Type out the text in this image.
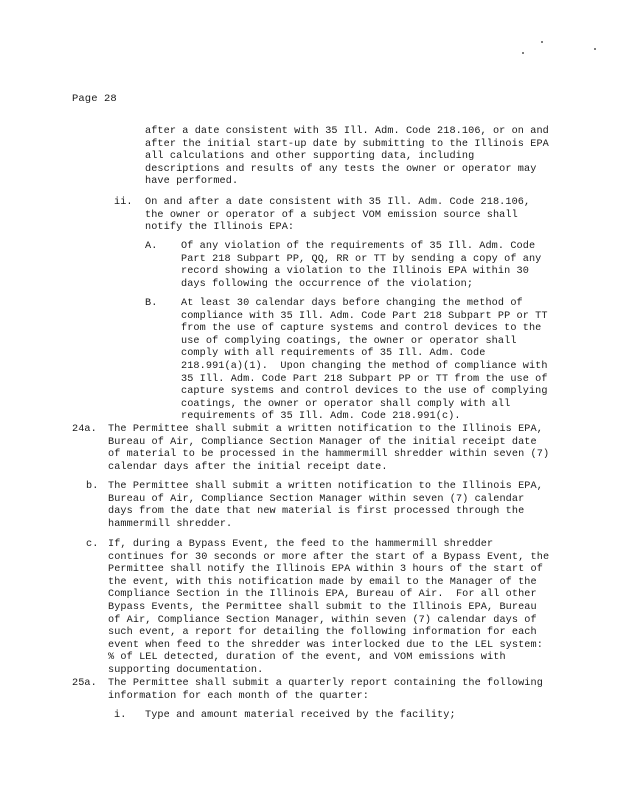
Page 28
after a date consistent with 35 Ill. Adm. Code 218.106, or on and
after the initial start-up date by submitting to the Illinois EPA
all calculations and other supporting data, including
descriptions and results of any tests the owner or operator may
have performed.
ii. On and after a date consistent with 35 Ill. Adm. Code 218.106,
the owner or operator of a subject VOM emission source shall
notify the Illinois EPA:
A. Of any violation of the requirements of 35 Ill. Adm. Code
Part 218 Subpart PP, QQ, RR or TT by sending a copy of any
record showing a violation to the Illinois EPA within 30
days following the occurrence of the violation;
B. At least 30 calendar days before changing the method of
compliance with 35 Ill. Adm. Code Part 218 Subpart PP or TT
from the use of capture systems and control devices to the
use of complying coatings, the owner or operator shall
comply with all requirements of 35 Ill. Adm. Code
218.991(a)(1).  Upon changing the method of compliance with
35 Ill. Adm. Code Part 218 Subpart PP or TT from the use of
capture systems and control devices to the use of complying
coatings, the owner or operator shall comply with all
requirements of 35 Ill. Adm. Code 218.991(c).
24a. The Permittee shall submit a written notification to the Illinois EPA,
Bureau of Air, Compliance Section Manager of the initial receipt date
of material to be processed in the hammermill shredder within seven (7)
calendar days after the initial receipt date.
b. The Permittee shall submit a written notification to the Illinois EPA,
Bureau of Air, Compliance Section Manager within seven (7) calendar
days from the date that new material is first processed through the
hammermill shredder.
c. If, during a Bypass Event, the feed to the hammermill shredder
continues for 30 seconds or more after the start of a Bypass Event, the
Permittee shall notify the Illinois EPA within 3 hours of the start of
the event, with this notification made by email to the Manager of the
Compliance Section in the Illinois EPA, Bureau of Air.  For all other
Bypass Events, the Permittee shall submit to the Illinois EPA, Bureau
of Air, Compliance Section Manager, within seven (7) calendar days of
such event, a report for detailing the following information for each
event when feed to the shredder was interlocked due to the LEL system:
% of LEL detected, duration of the event, and VOM emissions with
supporting documentation.
25a. The Permittee shall submit a quarterly report containing the following
information for each month of the quarter:
i. Type and amount material received by the facility;
